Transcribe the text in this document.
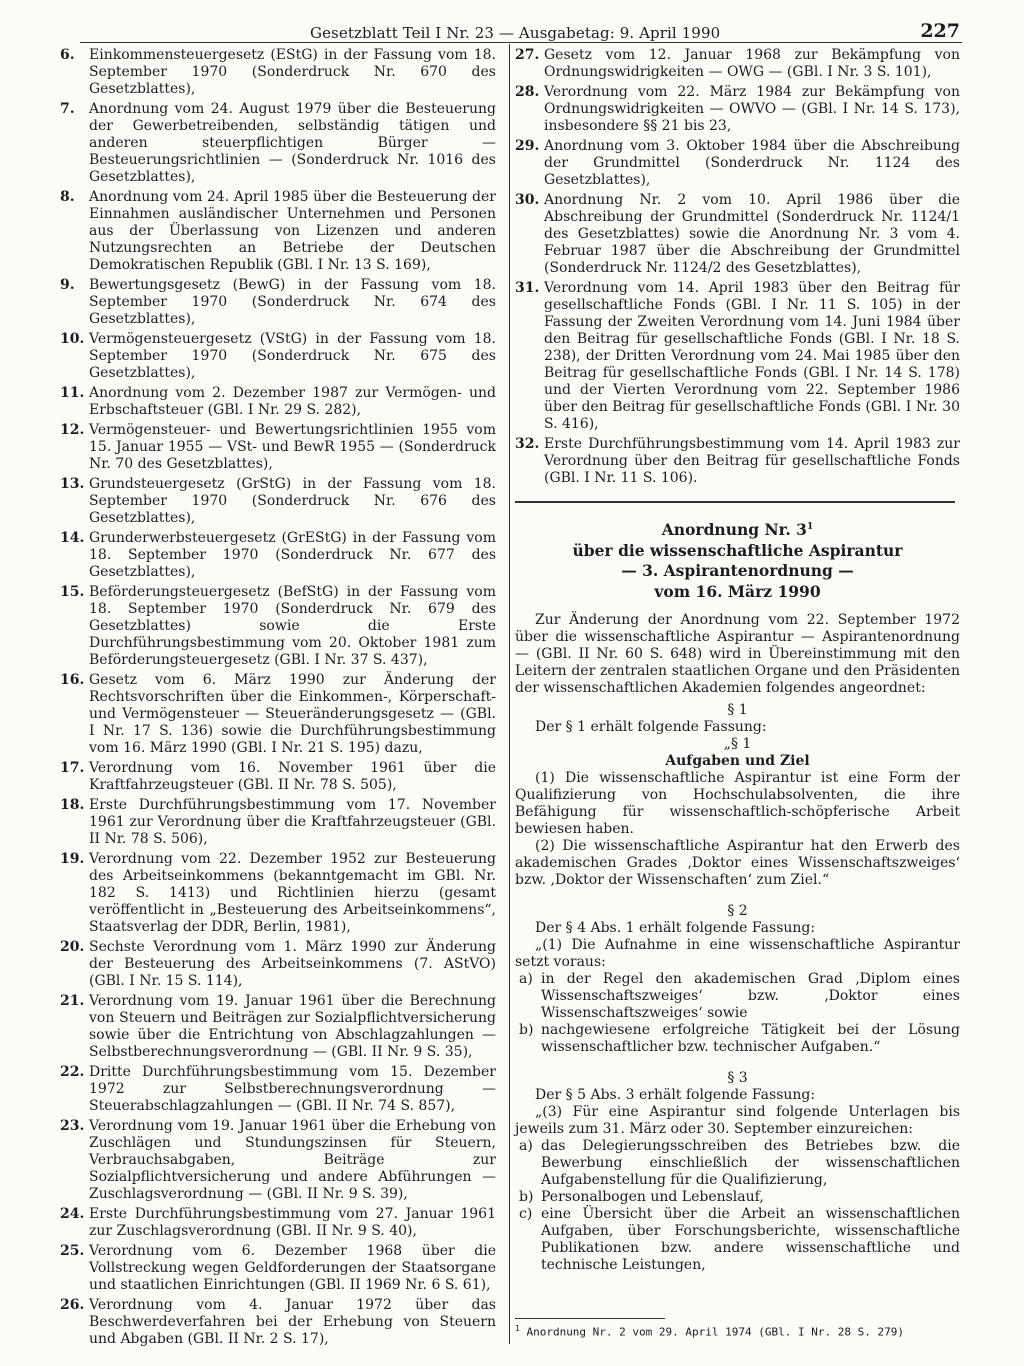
Gesetzblatt Teil I Nr. 23 — Ausgabetag: 9. April 1990	227
6.	Einkommensteuergesetz (EStG) in der Fassung vom 18. September 1970 (Sonderdruck Nr. 670 des Gesetzblattes),
7.	Anordnung vom 24. August 1979 über die Besteuerung der Gewerbetreibenden, selbständig tätigen und anderen steuerpflichtigen Bürger — Besteuerungsrichtlinien — (Sonderdruck Nr. 1016 des Gesetzblattes),
8.	Anordnung vom 24. April 1985 über die Besteuerung der Einnahmen ausländischer Unternehmen und Personen aus der Überlassung von Lizenzen und anderen Nutzungsrechten an Betriebe der Deutschen Demokratischen Republik (GBl. I Nr. 13 S. 169),
9.	Bewertungsgesetz (BewG) in der Fassung vom 18. September 1970 (Sonderdruck Nr. 674 des Gesetzblattes),
10. Vermögensteuergesetz (VStG) in der Fassung vom 18. September 1970 (Sonderdruck Nr. 675 des Gesetzblattes),
11. Anordnung vom 2. Dezember 1987 zur Vermögen- und Erbschaftsteuer (GBl. I Nr. 29 S. 282),
12. Vermögensteuer- und Bewertungsrichtlinien 1955 vom 15. Januar 1955 — VSt- und BewR 1955 — (Sonderdruck Nr. 70 des Gesetzblattes),
13. Grundsteuergesetz (GrStG) in der Fassung vom 18. September 1970 (Sonderdruck Nr. 676 des Gesetzblattes),
14. Grunderwerbsteuergesetz (GrEStG) in der Fassung vom 18. September 1970 (Sonderdruck Nr. 677 des Gesetzblattes),
15. Beförderungsteuergesetz (BefStG) in der Fassung vom 18. September 1970 (Sonderdruck Nr. 679 des Gesetzblattes) sowie die Erste Durchführungsbestimmung vom 20. Oktober 1981 zum Beförderungsteuergesetz (GBl. I Nr. 37 S. 437),
16. Gesetz vom 6. März 1990 zur Änderung der Rechtsvorschriften über die Einkommen-, Körperschaft- und Vermögensteuer — Steueränderungsgesetz — (GBl. I Nr. 17 S. 136) sowie die Durchführungsbestimmung vom 16. März 1990 (GBl. I Nr. 21 S. 195) dazu,
17. Verordnung vom 16. November 1961 über die Kraftfahrzeugsteuer (GBl. II Nr. 78 S. 505),
18. Erste Durchführungsbestimmung vom 17. November 1961 zur Verordnung über die Kraftfahrzeugsteuer (GBl. II Nr. 78 S. 506),
19. Verordnung vom 22. Dezember 1952 zur Besteuerung des Arbeitseinkommens (bekanntgemacht im GBl. Nr. 182 S. 1413) und Richtlinien hierzu (gesamt veröffentlicht in „Besteuerung des Arbeitseinkommens“, Staatsverlag der DDR, Berlin, 1981),
20. Sechste Verordnung vom 1. März 1990 zur Änderung der Besteuerung des Arbeitseinkommens (7. AStVO) (GBl. I Nr. 15 S. 114),
21. Verordnung vom 19. Januar 1961 über die Berechnung von Steuern und Beiträgen zur Sozialpflichtversicherung sowie über die Entrichtung von Abschlagzahlungen — Selbstberechnungsverordnung — (GBl. II Nr. 9 S. 35),
22. Dritte Durchführungsbestimmung vom 15. Dezember 1972 zur Selbstberechnungsverordnung — Steuerabschlagzahlungen — (GBl. II Nr. 74 S. 857),
23. Verordnung vom 19. Januar 1961 über die Erhebung von Zuschlägen und Stundungszinsen für Steuern, Verbrauchsabgaben, Beiträge zur Sozialpflichtversicherung und andere Abführungen — Zuschlagsverordnung — (GBl. II Nr. 9 S. 39),
24. Erste Durchführungsbestimmung vom 27. Januar 1961 zur Zuschlagsverordnung (GBl. II Nr. 9 S. 40),
25. Verordnung vom 6. Dezember 1968 über die Vollstreckung wegen Geldforderungen der Staatsorgane und staatlichen Einrichtungen (GBl. II 1969 Nr. 6 S. 61),
26. Verordnung vom 4. Januar 1972 über das Beschwerdeverfahren bei der Erhebung von Steuern und Abgaben (GBl. II Nr. 2 S. 17),
27. Gesetz vom 12. Januar 1968 zur Bekämpfung von Ordnungswidrigkeiten — OWG — (GBl. I Nr. 3 S. 101),
28. Verordnung vom 22. März 1984 zur Bekämpfung von Ordnungswidrigkeiten — OWVO — (GBl. I Nr. 14 S. 173), insbesondere §§ 21 bis 23,
29. Anordnung vom 3. Oktober 1984 über die Abschreibung der Grundmittel (Sonderdruck Nr. 1124 des Gesetzblattes),
30. Anordnung Nr. 2 vom 10. April 1986 über die Abschreibung der Grundmittel (Sonderdruck Nr. 1124/1 des Gesetzblattes) sowie die Anordnung Nr. 3 vom 4. Februar 1987 über die Abschreibung der Grundmittel (Sonderdruck Nr. 1124/2 des Gesetzblattes),
31. Verordnung vom 14. April 1983 über den Beitrag für gesellschaftliche Fonds (GBl. I Nr. 11 S. 105) in der Fassung der Zweiten Verordnung vom 14. Juni 1984 über den Beitrag für gesellschaftliche Fonds (GBl. I Nr. 18 S. 238), der Dritten Verordnung vom 24. Mai 1985 über den Beitrag für gesellschaftliche Fonds (GBl. I Nr. 14 S. 178) und der Vierten Verordnung vom 22. September 1986 über den Beitrag für gesellschaftliche Fonds (GBl. I Nr. 30 S. 416),
32. Erste Durchführungsbestimmung vom 14. April 1983 zur Verordnung über den Beitrag für gesellschaftliche Fonds (GBl. I Nr. 11 S. 106).
Anordnung Nr. $3^1$
über die wissenschaftliche Aspirantur
— 3. Aspirantenordnung —
vom 16. März 1990
Zur Änderung der Anordnung vom 22. September 1972 über die wissenschaftliche Aspirantur — Aspirantenordnung — (GBl. II Nr. 60 S. 648) wird in Übereinstimmung mit den Leitern der zentralen staatlichen Organe und den Präsidenten der wissenschaftlichen Akademien folgendes angeordnet:
§ 1
Der § 1 erhält folgende Fassung:
„§ 1
Aufgaben und Ziel
(1) Die wissenschaftliche Aspirantur ist eine Form der Qualifizierung von Hochschulabsolventen, die ihre Befähigung für wissenschaftlich-schöpferische Arbeit bewiesen haben.
(2) Die wissenschaftliche Aspirantur hat den Erwerb des akademischen Grades ‚Doktor eines Wissenschaftszweiges‘ bzw. ‚Doktor der Wissenschaften‘ zum Ziel.“
§ 2
Der § 4 Abs. 1 erhält folgende Fassung:
„(1) Die Aufnahme in eine wissenschaftliche Aspirantur setzt voraus:
a) in der Regel den akademischen Grad ‚Diplom eines Wissenschaftszweiges‘ bzw. ‚Doktor eines Wissenschaftszweiges‘ sowie
b) nachgewiesene erfolgreiche Tätigkeit bei der Lösung wissenschaftlicher bzw. technischer Aufgaben.“
§ 3
Der § 5 Abs. 3 erhält folgende Fassung:
„(3) Für eine Aspirantur sind folgende Unterlagen bis jeweils zum 31. März oder 30. September einzureichen:
a) das Delegierungsschreiben des Betriebes bzw. die Bewerbung einschließlich der wissenschaftlichen Aufgabenstellung für die Qualifizierung,
b) Personalbogen und Lebenslauf,
c) eine Übersicht über die Arbeit an wissenschaftlichen Aufgaben, über Forschungsberichte, wissenschaftliche Publikationen bzw. andere wissenschaftliche und technische Leistungen,
$^1$ Anordnung Nr. 2 vom 29. April 1974 (GBl. I Nr. 28 S. 279)
